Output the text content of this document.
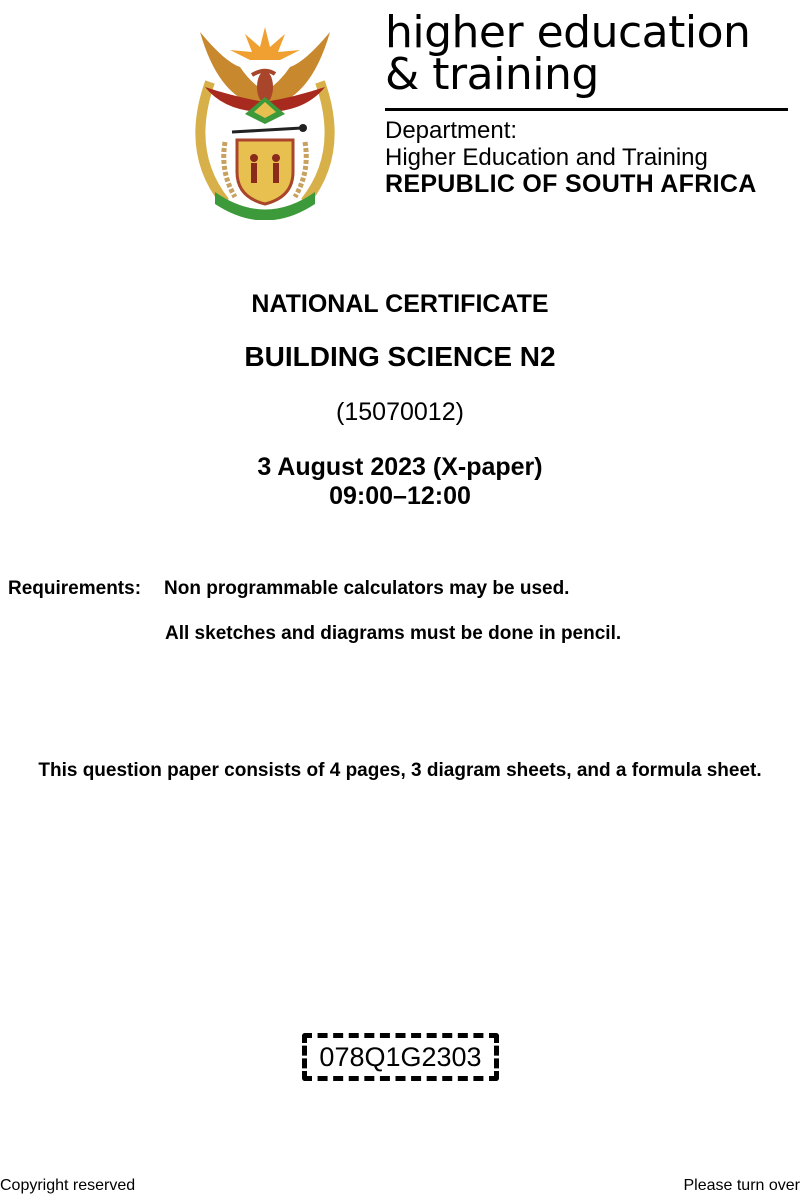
higher education
& training
Department:
Higher Education and Training
REPUBLIC OF SOUTH AFRICA
NATIONAL CERTIFICATE
BUILDING SCIENCE N2
(15070012)
3 August 2023 (X-paper)
09:00–12:00
Requirements: Non programmable calculators may be used.
All sketches and diagrams must be done in pencil.
This question paper consists of 4 pages, 3 diagram sheets, and a formula sheet.
078Q1G2303
Copyright reserved	Please turn over
